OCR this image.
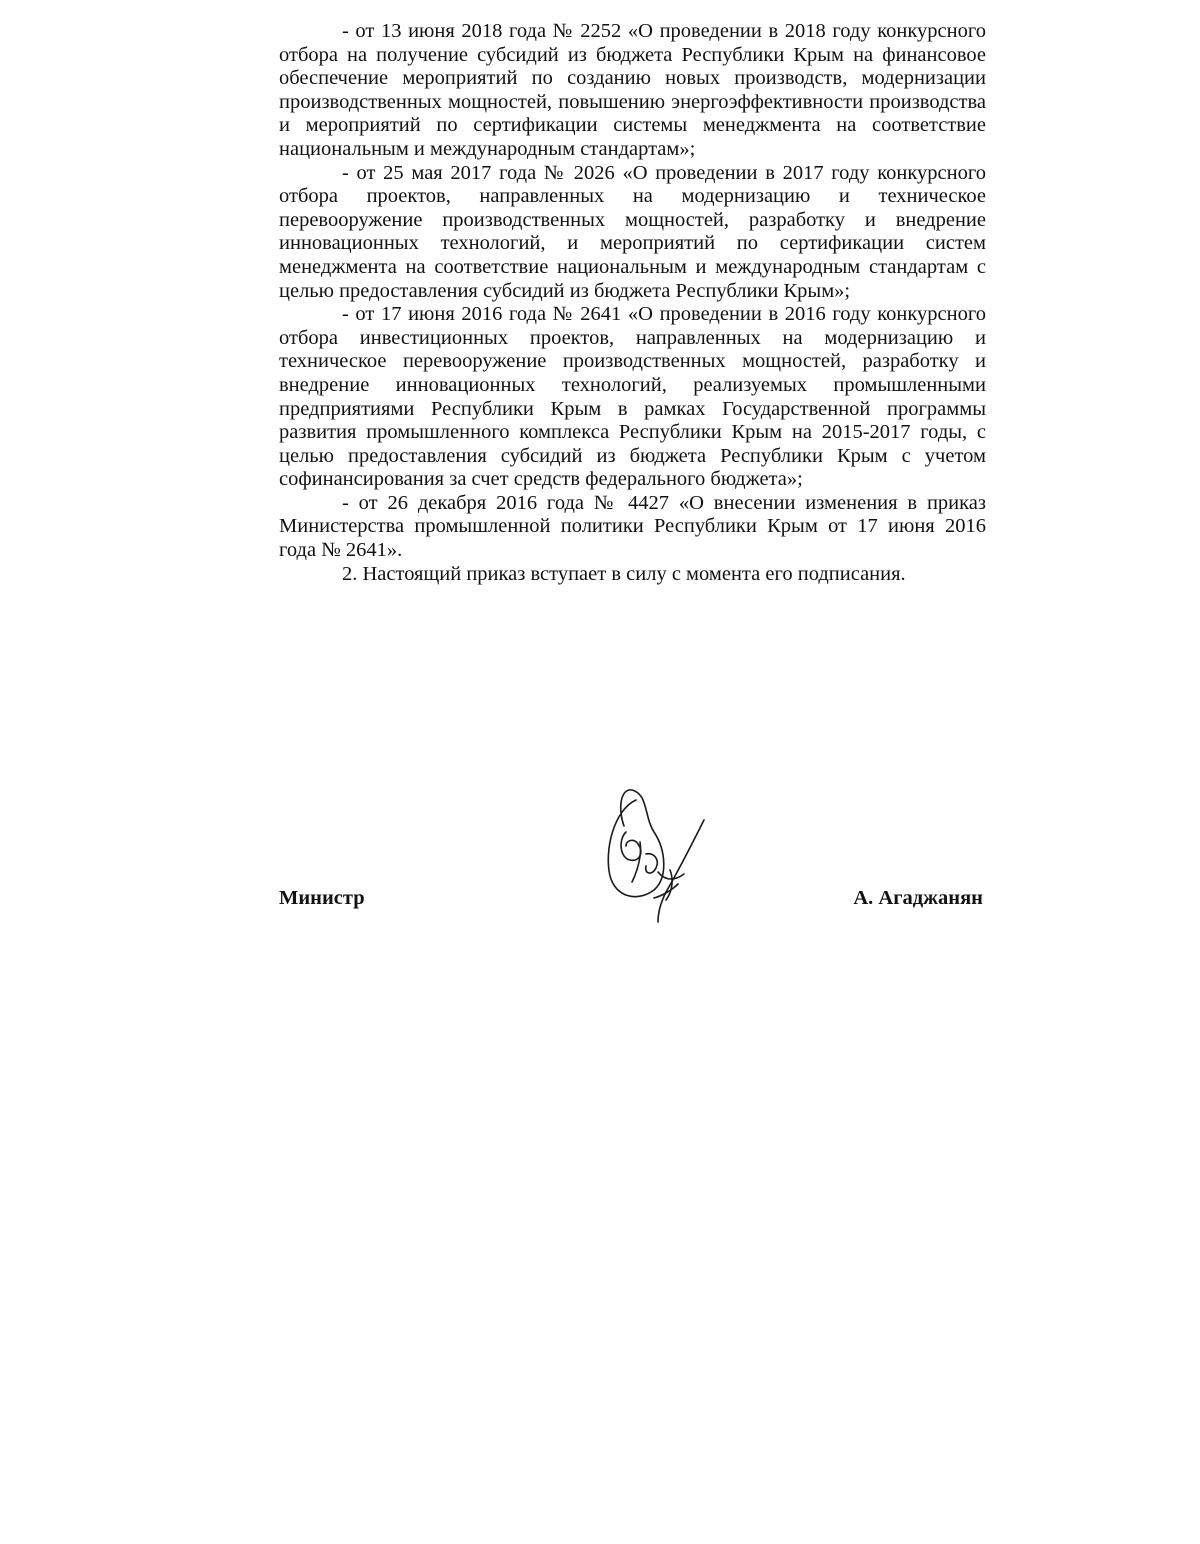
- от 13 июня 2018 года № 2252 «О проведении в 2018 году конкурсного отбора на получение субсидий из бюджета Республики Крым на финансовое обеспечение мероприятий по созданию новых производств, модернизации производственных мощностей, повышению энергоэффективности производства и мероприятий по сертификации системы менеджмента на соответствие национальным и международным стандартам»;

- от 25 мая 2017 года № 2026 «О проведении в 2017 году конкурсного отбора проектов, направленных на модернизацию и техническое перевооружение производственных мощностей, разработку и внедрение инновационных технологий, и мероприятий по сертификации систем менеджмента на соответствие национальным и международным стандартам с целью предоставления субсидий из бюджета Республики Крым»;

- от 17 июня 2016 года № 2641 «О проведении в 2016 году конкурсного отбора инвестиционных проектов, направленных на модернизацию и техническое перевооружение производственных мощностей, разработку и внедрение инновационных технологий, реализуемых промышленными предприятиями Республики Крым в рамках Государственной программы развития промышленного комплекса Республики Крым на 2015-2017 годы, с целью предоставления субсидий из бюджета Республики Крым с учетом софинансирования за счет средств федерального бюджета»;

- от 26 декабря 2016 года № 4427 «О внесении изменения в приказ Министерства промышленной политики Республики Крым от 17 июня 2016 года № 2641».

2. Настоящий приказ вступает в силу с момента его подписания.

Министр	А. Агаджанян
